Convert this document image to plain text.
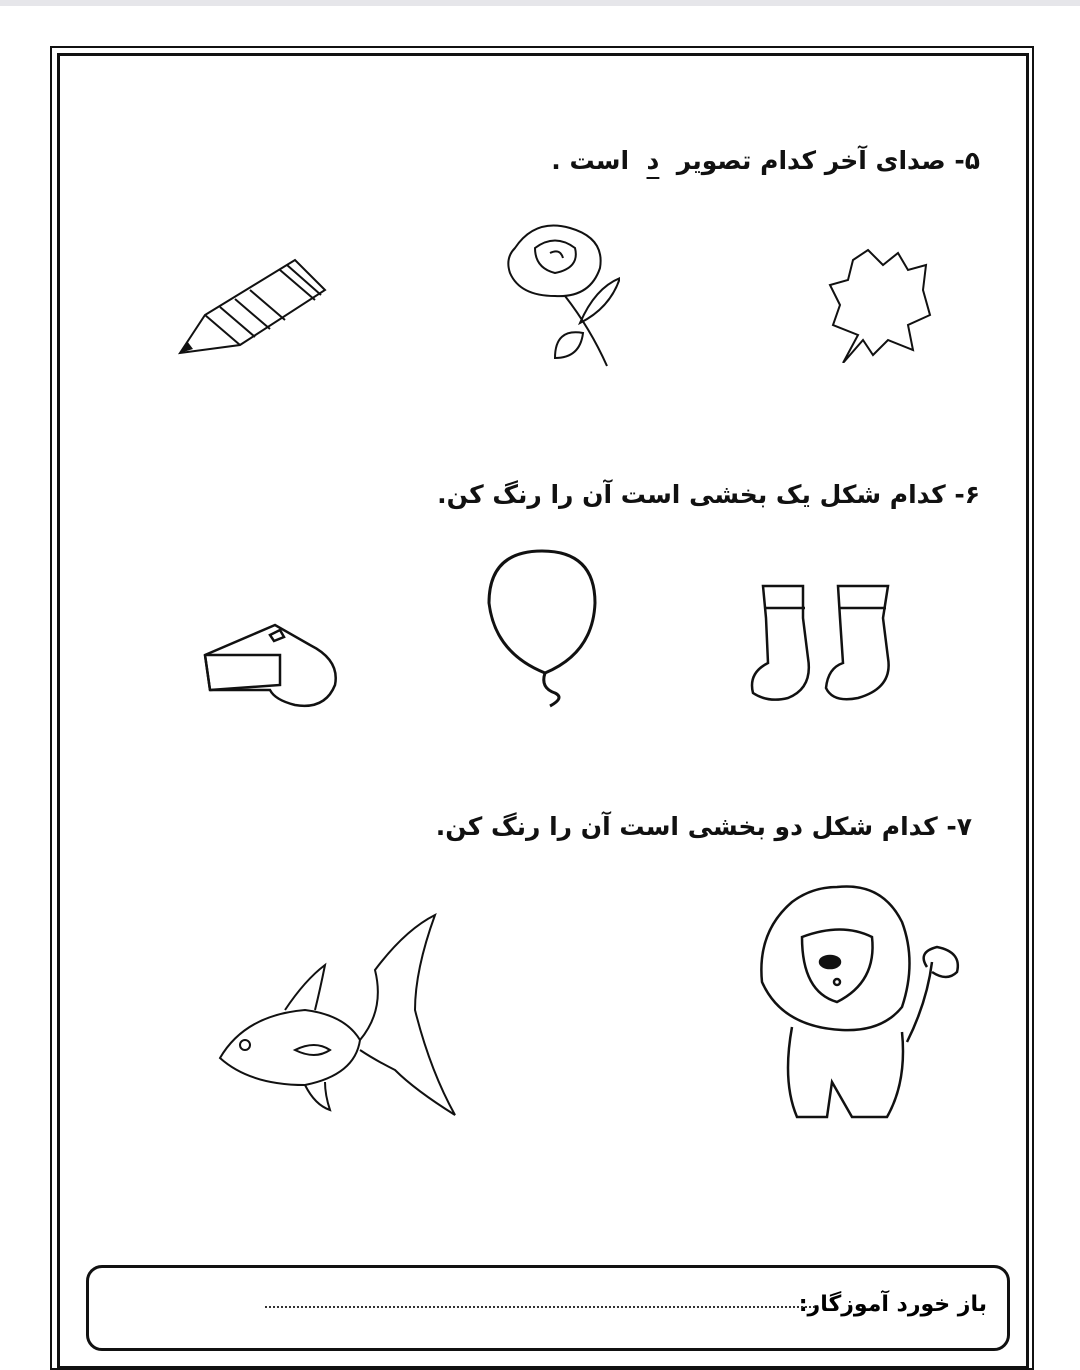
۵- صدای آخر کدام تصویر  د  است .
۶- کدام شکل یک بخشی است آن را رنگ کن.
۷- کدام شکل دو بخشی است آن را رنگ کن.
باز خورد آموزگار:
